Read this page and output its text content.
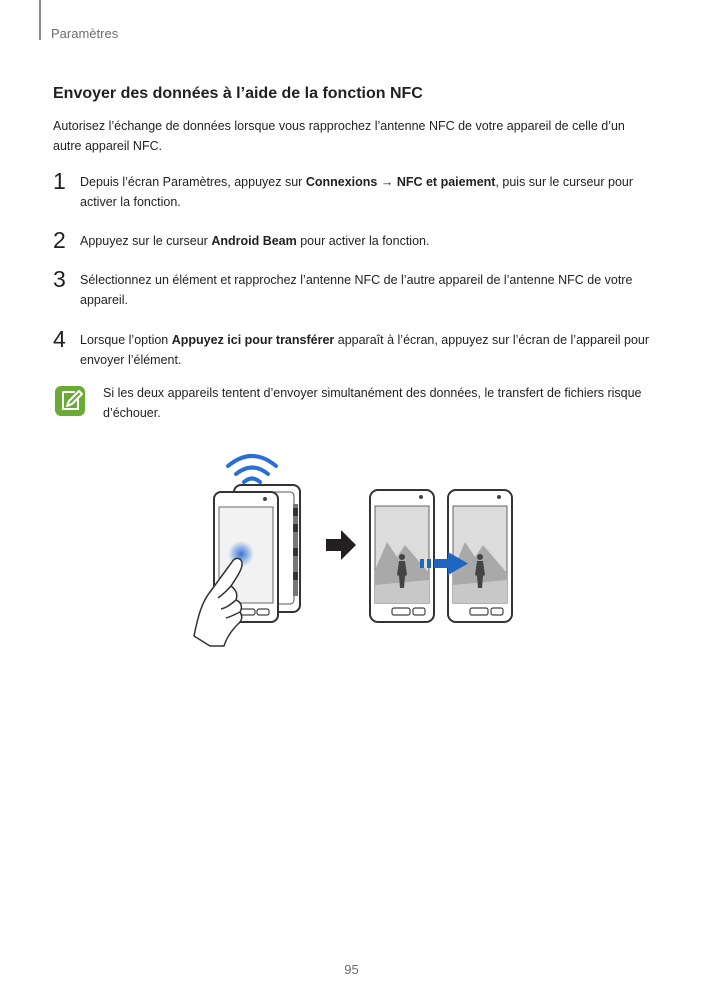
Paramètres
Envoyer des données à l’aide de la fonction NFC
Autorisez l’échange de données lorsque vous rapprochez l’antenne NFC de votre appareil de celle d’un autre appareil NFC.
1 Depuis l’écran Paramètres, appuyez sur Connexions → NFC et paiement, puis sur le curseur pour activer la fonction.
2 Appuyez sur le curseur Android Beam pour activer la fonction.
3 Sélectionnez un élément et rapprochez l’antenne NFC de l’autre appareil de l’antenne NFC de votre appareil.
4 Lorsque l’option Appuyez ici pour transférer apparaît à l’écran, appuyez sur l’écran de l’appareil pour envoyer l’élément.
Si les deux appareils tentent d’envoyer simultanément des données, le transfert de fichiers risque d’échouer.
95
